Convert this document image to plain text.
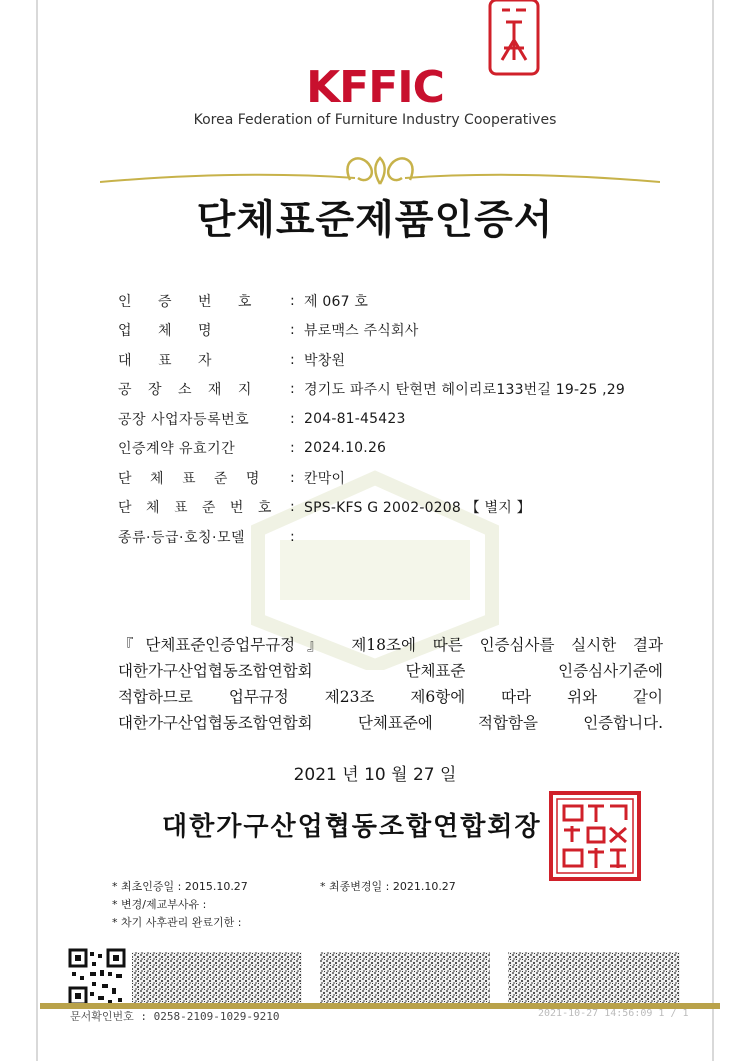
KFFIC
Korea Federation of Furniture Industry Cooperatives
단체표준제품인증서
인 증 번 호	: 제 067 호
업 체 명	: 뷰로맥스 주식회사
대 표 자	: 박창원
공 장 소 재 지	: 경기도 파주시 탄현면 헤이리로133번길 19-25 ,29
공장 사업자등록번호	: 204-81-45423
인증계약 유효기간	: 2024.10.26
단 체 표 준 명	: 칸막이
단 체 표 준 번 호 : SPS-KFS G 2002-0208 【 별지 】
종류·등급·호칭·모델	:

『단체표준인증업무규정』 제18조에 따른 인증심사를 실시한 결과

대한가구산업협동조합연합회 단체표준 인증심사기준에

적합하므로 업무규정 제23조 제6항에 따라 위와 같이

대한가구산업협동조합연합회 단체표준에 적합함을 인증합니다.

2021 년 10 월 27 일
대한가구산업협동조합연합회장
* 최초인증일 : 2015.10.27	* 최종변경일 : 2021.10.27
* 변경/제교부사유 :
* 차기 사후관리 완료기한 :
문서확인번호 : 0258-2109-1029-9210	2021-10-27 14:56:09 1 / 1
